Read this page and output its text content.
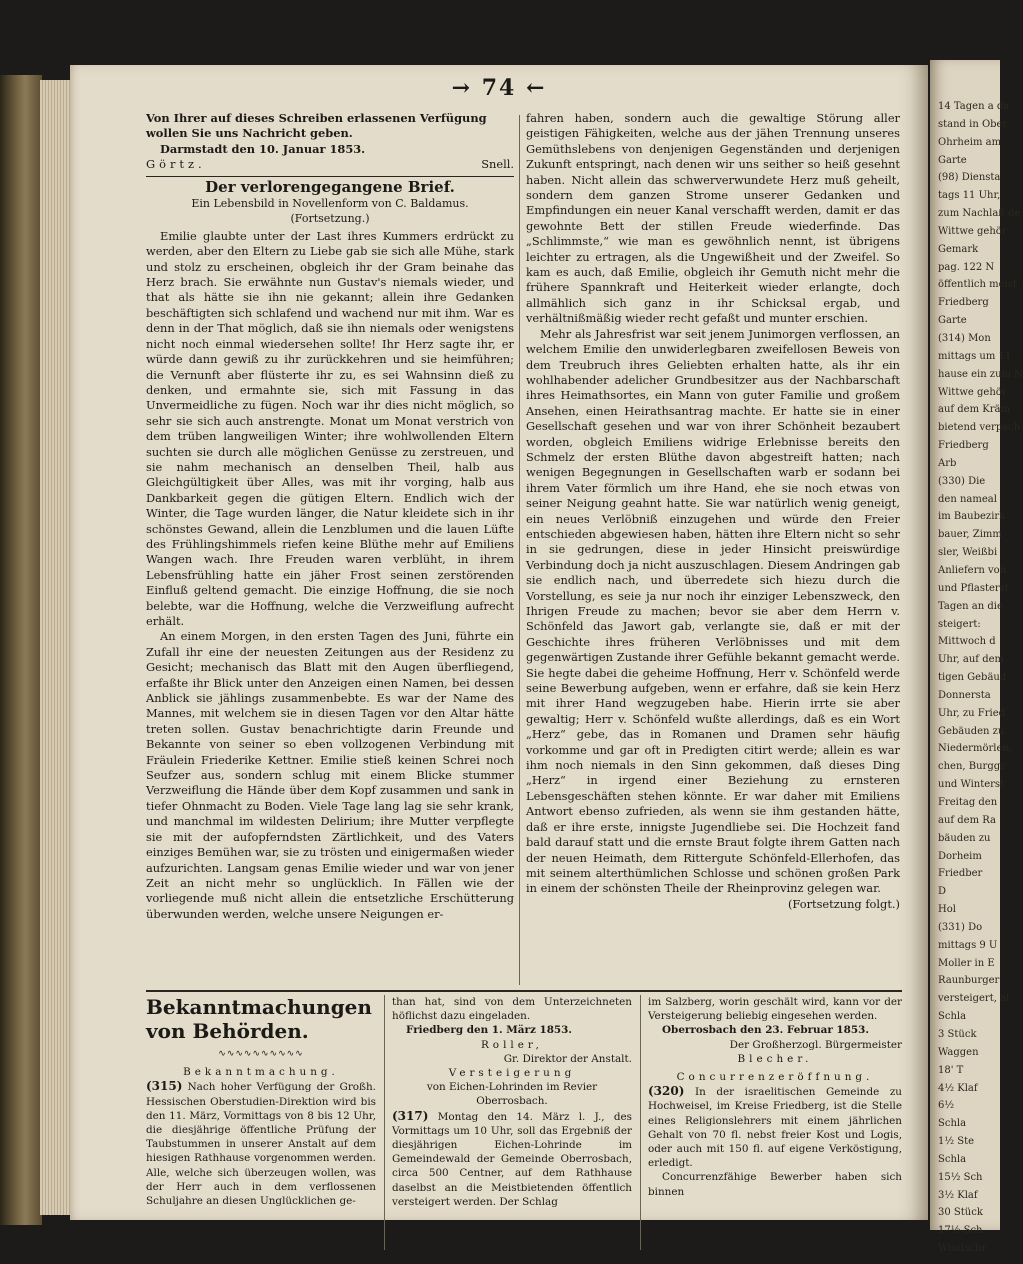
14 Tagen a da
stand in Ober
Ohrheim am
Garte
(98) Diensta
tags 11 Uhr,
zum Nachlaß de
Wittwe gehör
Gemark
pag. 122 N
öffentlich meist
Friedberg
Garte
(314) Mon
mittags um 11
hause ein zum N
Wittwe gehör
auf dem Kräm
bietend verpach
Friedberg
Arb
(330) Die
den nameal
im Baubezirk
bauer, Zimm
sler, Weißbi
Anliefern von
und Pflasterst
Tagen an die
steigert:
Mittwoch d
Uhr, auf dem
tigen Gebäud
Donnersta
Uhr, zu Fried
Gebäuden zu
Niedermörlen,
chen, Burggr
und Winterst
Freitag den
auf dem Ra
bäuden zu
Dorheim
Friedber
D
Hol
(331) Do
mittags 9 U
Moller in E
Raunburger
versteigert, al
Schla
3 Stück
Waggen
18' T
4½ Klaf
6½
Schla
1½ Ste
Schla
15½ Sch
3½ Klaf
30 Stück
17½ Sch
Windschr
→ 74 ←

Von Ihrer auf dieses Schreiben erlassenen Verfügung

wollen Sie uns Nachricht geben.

Darmstadt den 10. Januar 1853.

Görtz.	Snell.
Der verlorengegangene Brief.
Ein Lebensbild in Novellenform von C. Baldamus.
(Fortsetzung.)

Emilie glaubte unter der Last ihres Kummers erdrückt zu werden, aber den Eltern zu Liebe gab sie sich alle Mühe, stark und stolz zu erscheinen, obgleich ihr der Gram beinahe das Herz brach. Sie erwähnte nun Gustav's niemals wieder, und that als hätte sie ihn nie gekannt; allein ihre Gedanken beschäftigten sich schlafend und wachend nur mit ihm. War es denn in der That möglich, daß sie ihn niemals oder wenigstens nicht noch einmal wiedersehen sollte! Ihr Herz sagte ihr, er würde dann gewiß zu ihr zurückkehren und sie heimführen; die Vernunft aber flüsterte ihr zu, es sei Wahnsinn dieß zu denken, und ermahnte sie, sich mit Fassung in das Unvermeidliche zu fügen. Noch war ihr dies nicht möglich, so sehr sie sich auch anstrengte. Monat um Monat verstrich von dem trüben langweiligen Winter; ihre wohlwollenden Eltern suchten sie durch alle möglichen Genüsse zu zerstreuen, und sie nahm mechanisch an denselben Theil, halb aus Gleichgültigkeit über Alles, was mit ihr vorging, halb aus Dankbarkeit gegen die gütigen Eltern. Endlich wich der Winter, die Tage wurden länger, die Natur kleidete sich in ihr schönstes Gewand, allein die Lenzblumen und die lauen Lüfte des Frühlingshimmels riefen keine Blüthe mehr auf Emiliens Wangen wach. Ihre Freuden waren verblüht, in ihrem Lebensfrühling hatte ein jäher Frost seinen zerstörenden Einfluß geltend gemacht. Die einzige Hoffnung, die sie noch belebte, war die Hoffnung, welche die Verzweiflung aufrecht erhält.

An einem Morgen, in den ersten Tagen des Juni, führte ein Zufall ihr eine der neuesten Zeitungen aus der Residenz zu Gesicht; mechanisch das Blatt mit den Augen überfliegend, erfaßte ihr Blick unter den Anzeigen einen Namen, bei dessen Anblick sie jählings zusammenbebte. Es war der Name des Mannes, mit welchem sie in diesen Tagen vor den Altar hätte treten sollen. Gustav benachrichtigte darin Freunde und Bekannte von seiner so eben vollzogenen Verbindung mit Fräulein Friederike Kettner. Emilie stieß keinen Schrei noch Seufzer aus, sondern schlug mit einem Blicke stummer Verzweiflung die Hände über dem Kopf zusammen und sank in tiefer Ohnmacht zu Boden. Viele Tage lang lag sie sehr krank, und manchmal im wildesten Delirium; ihre Mutter verpflegte sie mit der aufopferndsten Zärtlichkeit, und des Vaters einziges Bemühen war, sie zu trösten und einigermaßen wieder aufzurichten. Langsam genas Emilie wieder und war von jener Zeit an nicht mehr so unglücklich. In Fällen wie der vorliegende muß nicht allein die entsetzliche Erschütterung überwunden werden, welche unsere Neigungen er-

fahren haben, sondern auch die gewaltige Störung aller geistigen Fähigkeiten, welche aus der jähen Trennung unseres Gemüthslebens von denjenigen Gegenständen und derjenigen Zukunft entspringt, nach denen wir uns seither so heiß gesehnt haben. Nicht allein das schwerverwundete Herz muß geheilt, sondern dem ganzen Strome unserer Gedanken und Empfindungen ein neuer Kanal verschafft werden, damit er das gewohnte Bett der stillen Freude wiederfinde. Das „Schlimmste,“ wie man es gewöhnlich nennt, ist übrigens leichter zu ertragen, als die Ungewißheit und der Zweifel. So kam es auch, daß Emilie, obgleich ihr Gemuth nicht mehr die frühere Spannkraft und Heiterkeit wieder erlangte, doch allmählich sich ganz in ihr Schicksal ergab, und verhältnißmäßig wieder recht gefaßt und munter erschien.

Mehr als Jahresfrist war seit jenem Junimorgen verflossen, an welchem Emilie den unwiderlegbaren zweifellosen Beweis von dem Treubruch ihres Geliebten erhalten hatte, als ihr ein wohlhabender adelicher Grundbesitzer aus der Nachbarschaft ihres Heimathsortes, ein Mann von guter Familie und großem Ansehen, einen Heirathsantrag machte. Er hatte sie in einer Gesellschaft gesehen und war von ihrer Schönheit bezaubert worden, obgleich Emiliens widrige Erlebnisse bereits den Schmelz der ersten Blüthe davon abgestreift hatten; nach wenigen Begegnungen in Gesellschaften warb er sodann bei ihrem Vater förmlich um ihre Hand, ehe sie noch etwas von seiner Neigung geahnt hatte. Sie war natürlich wenig geneigt, ein neues Verlöbniß einzugehen und würde den Freier entschieden abgewiesen haben, hätten ihre Eltern nicht so sehr in sie gedrungen, diese in jeder Hinsicht preiswürdige Verbindung doch ja nicht auszuschlagen. Diesem Andringen gab sie endlich nach, und überredete sich hiezu durch die Vorstellung, es seie ja nur noch ihr einziger Lebenszweck, den Ihrigen Freude zu machen; bevor sie aber dem Herrn v. Schönfeld das Jawort gab, verlangte sie, daß er mit der Geschichte ihres früheren Verlöbnisses und mit dem gegenwärtigen Zustande ihrer Gefühle bekannt gemacht werde. Sie hegte dabei die geheime Hoffnung, Herr v. Schönfeld werde seine Bewerbung aufgeben, wenn er erfahre, daß sie kein Herz mit ihrer Hand wegzugeben habe. Hierin irrte sie aber gewaltig; Herr v. Schönfeld wußte allerdings, daß es ein Wort „Herz“ gebe, das in Romanen und Dramen sehr häufig vorkomme und gar oft in Predigten citirt werde; allein es war ihm noch niemals in den Sinn gekommen, daß dieses Ding „Herz“ in irgend einer Beziehung zu ernsteren Lebensgeschäften stehen könnte. Er war daher mit Emiliens Antwort ebenso zufrieden, als wenn sie ihm gestanden hätte, daß er ihre erste, innigste Jugendliebe sei. Die Hochzeit fand bald darauf statt und die ernste Braut folgte ihrem Gatten nach der neuen Heimath, dem Rittergute Schönfeld-Ellerhofen, das mit seinem alterthümlichen Schlosse und schönen großen Park in einem der schönsten Theile der Rheinprovinz gelegen war.

(Fortsetzung folgt.)

Bekanntmachungen von Behörden.
∿∿∿∿∿∿∿∿∿∿
Bekanntmachung.

(315) Nach hoher Verfügung der Großh. Hessischen Oberstudien-Direktion wird bis den 11. März, Vormittags von 8 bis 12 Uhr, die diesjährige öffentliche Prüfung der Taubstummen in unserer Anstalt auf dem hiesigen Rathhause vorgenommen werden. Alle, welche sich überzeugen wollen, was der Herr auch in dem verflossenen Schuljahre an diesen Unglücklichen ge-

than hat, sind von dem Unterzeichneten höflichst dazu eingeladen.

Friedberg den 1. März 1853.

Roller,

Gr. Direktor der Anstalt.

Versteigerung

von Eichen-Lohrinden im Revier Oberrosbach.

(317) Montag den 14. März l. J., des Vormittags um 10 Uhr, soll das Ergebniß der diesjährigen Eichen-Lohrinde im Gemeindewald der Gemeinde Oberrosbach, circa 500 Centner, auf dem Rathhause daselbst an die Meistbietenden öffentlich versteigert werden. Der Schlag

im Salzberg, worin geschält wird, kann vor der Versteigerung beliebig eingesehen werden.

Oberrosbach den 23. Februar 1853.

Der Großherzogl. Bürgermeister

Blecher.

Concurrenzeröffnung.

(320) In der israelitischen Gemeinde zu Hochweisel, im Kreise Friedberg, ist die Stelle eines Religionslehrers mit einem jährlichen Gehalt von 70 fl. nebst freier Kost und Logis, oder auch mit 150 fl. auf eigene Verköstigung, erledigt.

Concurrenzfähige Bewerber haben sich binnen
